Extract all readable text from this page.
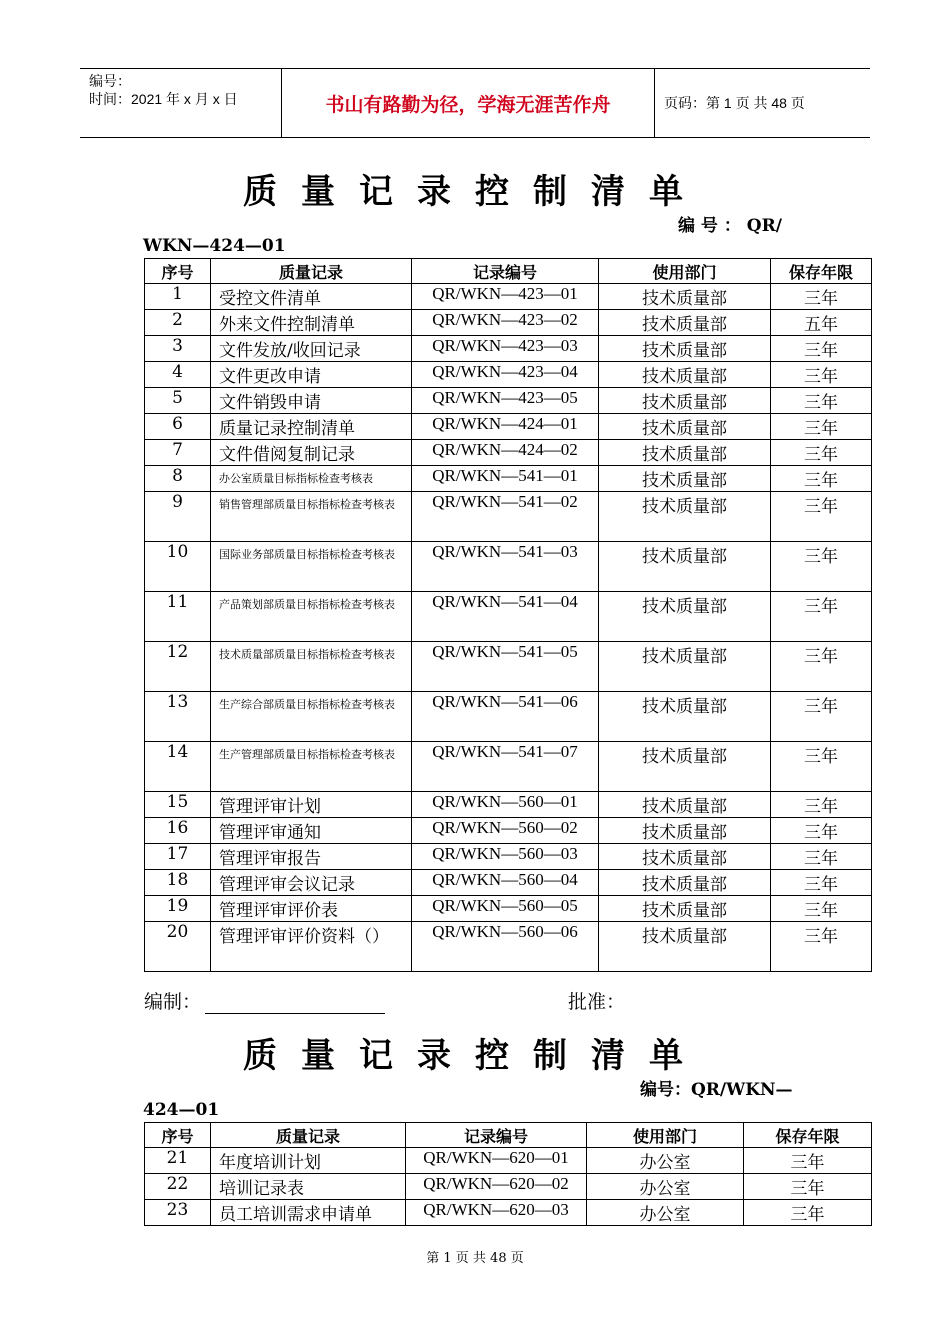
编号：
时间：2021 年 x 月 x 日	书山有路勤为径，学海无涯苦作舟	页码：第 1 页 共 48 页
质量记录控制清单
编 号 ： QR/
WKN—424—01
序号	质量记录	记录编号	使用部门	保存年限
1	受控文件清单	QR/WKN—423—01	技术质量部	三年
2	外来文件控制清单	QR/WKN—423—02	技术质量部	五年
3	文件发放/收回记录	QR/WKN—423—03	技术质量部	三年
4	文件更改申请	QR/WKN—423—04	技术质量部	三年
5	文件销毁申请	QR/WKN—423—05	技术质量部	三年
6	质量记录控制清单	QR/WKN—424—01	技术质量部	三年
7	文件借阅复制记录	QR/WKN—424—02	技术质量部	三年
8	办公室质量目标指标检查考核表	QR/WKN—541—01	技术质量部	三年
9	销售管理部质量目标指标检查考核表	QR/WKN—541—02	技术质量部	三年
10	国际业务部质量目标指标检查考核表	QR/WKN—541—03	技术质量部	三年
11	产品策划部质量目标指标检查考核表	QR/WKN—541—04	技术质量部	三年
12	技术质量部质量目标指标检查考核表	QR/WKN—541—05	技术质量部	三年
13	生产综合部质量目标指标检查考核表	QR/WKN—541—06	技术质量部	三年
14	生产管理部质量目标指标检查考核表	QR/WKN—541—07	技术质量部	三年
15	管理评审计划	QR/WKN—560—01	技术质量部	三年
16	管理评审通知	QR/WKN—560—02	技术质量部	三年
17	管理评审报告	QR/WKN—560—03	技术质量部	三年
18	管理评审会议记录	QR/WKN—560—04	技术质量部	三年
19	管理评审评价表	QR/WKN—560—05	技术质量部	三年
20	管理评审评价资料（）	QR/WKN—560—06	技术质量部	三年
编制：	批准：
质量记录控制清单
编号：QR/WKN—
424—01
序号	质量记录	记录编号	使用部门	保存年限
21	年度培训计划	QR/WKN—620—01	办公室	三年
22	培训记录表	QR/WKN—620—02	办公室	三年
23	员工培训需求申请单	QR/WKN—620—03	办公室	三年
第 1 页 共 48 页
